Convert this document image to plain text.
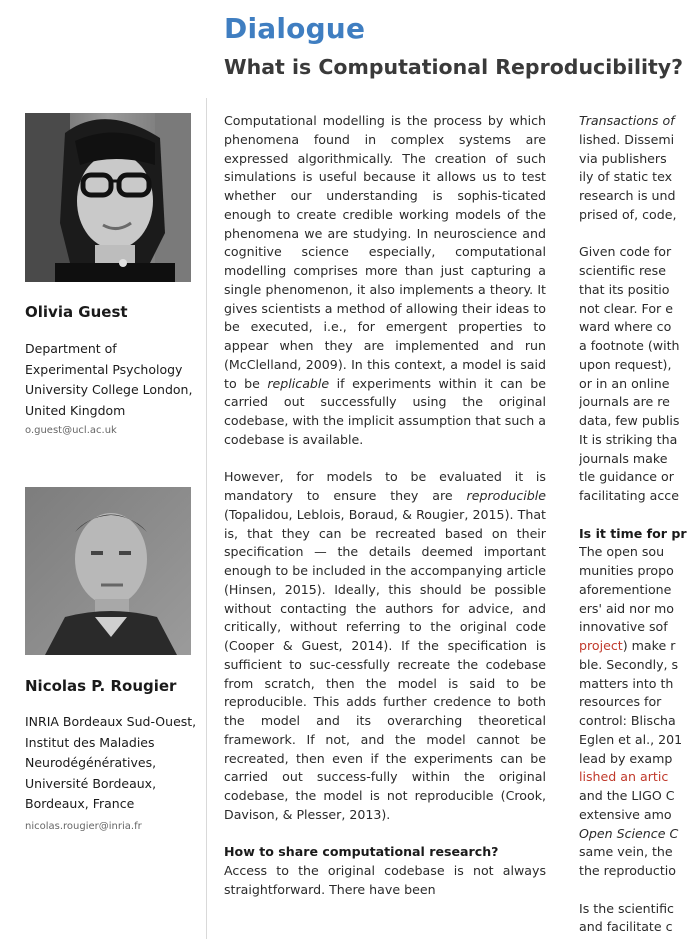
Dialogue
What is Computational Reproducibility?
Olivia Guest
Department of
Experimental Psychology
University College London,
United Kingdom
o.guest@ucl.ac.uk
Nicolas P. Rougier
INRIA Bordeaux Sud-Ouest,
Institut des Maladies
Neurodégénératives,
Université Bordeaux,
Bordeaux, France
nicolas.rougier@inria.fr

Computational modelling is the process by which phenomena found in complex systems are expressed algorithmically. The creation of such simulations is useful because it allows us to test whether our understanding is sophis-ticated enough to create credible working models of the phenomena we are studying. In neuroscience and cognitive science especially, computational modelling comprises more than just capturing a single phenomenon, it also implements a theory. It gives scientists a method of allowing their ideas to be executed, i.e., for emergent properties to appear when they are implemented and run (McClelland, 2009). In this context, a model is said to be replicable if experiments within it can be carried out successfully using the original codebase, with the implicit assumption that such a codebase is available.

However, for models to be evaluated it is mandatory to ensure they are reproducible (Topalidou, Leblois, Boraud, & Rougier, 2015). That is, that they can be recreated based on their specification — the details deemed important enough to be included in the accompanying article (Hinsen, 2015). Ideally, this should be possible without contacting the authors for advice, and critically, without referring to the original code (Cooper & Guest, 2014). If the specification is sufficient to suc-cessfully recreate the codebase from scratch, then the model is said to be reproducible. This adds further credence to both the model and its overarching theoretical framework. If not, and the model cannot be recreated, then even if the experiments can be carried out success-fully within the original codebase, the model is not reproducible (Crook, Davison, & Plesser, 2013).

How to share computational research?

Access to the original codebase is not always straightforward. There have been

Transactions of
lished. Dissemi
via publishers
ily of static tex
research is und
prised of, code,
Given code for
scientific rese
that its positio
not clear. For e
ward where co
a footnote (with
upon request),
or in an online
journals are re
data, few publis
It is striking tha
journals make
tle guidance or
facilitating acce
Is it time for pr
The open sou
munities propo
aforementione
ers' aid nor mo
innovative sof
project) make r
ble. Secondly, s
matters into th
resources for
control: Blischa
Eglen et al., 201
lead by examp
lished an artic
and the LIGO C
extensive amo
Open Science C
same vein, the
the reproductio
Is the scientific
and facilitate c
